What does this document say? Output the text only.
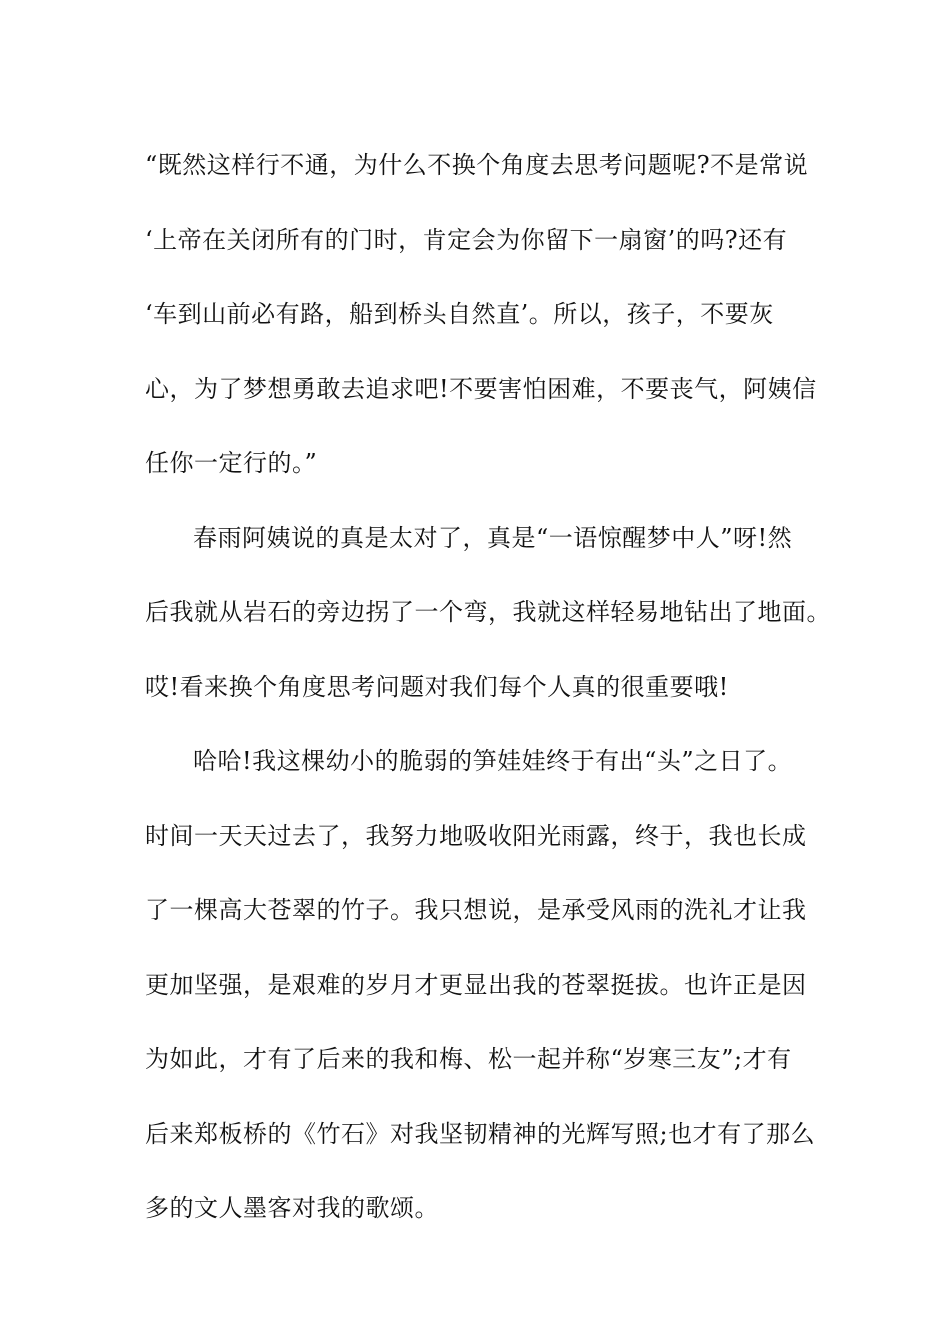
“既然这样行不通，为什么不换个角度去思考问题呢?不是常说
‘上帝在关闭所有的门时，肯定会为你留下一扇窗’的吗?还有
‘车到山前必有路，船到桥头自然直’。所以，孩子，不要灰
心，为了梦想勇敢去追求吧!不要害怕困难，不要丧气，阿姨信
任你一定行的。”
春雨阿姨说的真是太对了，真是“一语惊醒梦中人”呀!然
后我就从岩石的旁边拐了一个弯，我就这样轻易地钻出了地面。
哎!看来换个角度思考问题对我们每个人真的很重要哦!
哈哈!我这棵幼小的脆弱的笋娃娃终于有出“头”之日了。
时间一天天过去了，我努力地吸收阳光雨露，终于，我也长成
了一棵高大苍翠的竹子。我只想说，是承受风雨的洗礼才让我
更加坚强，是艰难的岁月才更显出我的苍翠挺拔。也许正是因
为如此，才有了后来的我和梅、松一起并称“岁寒三友”;才有
后来郑板桥的《竹石》对我坚韧精神的光辉写照;也才有了那么
多的文人墨客对我的歌颂。
